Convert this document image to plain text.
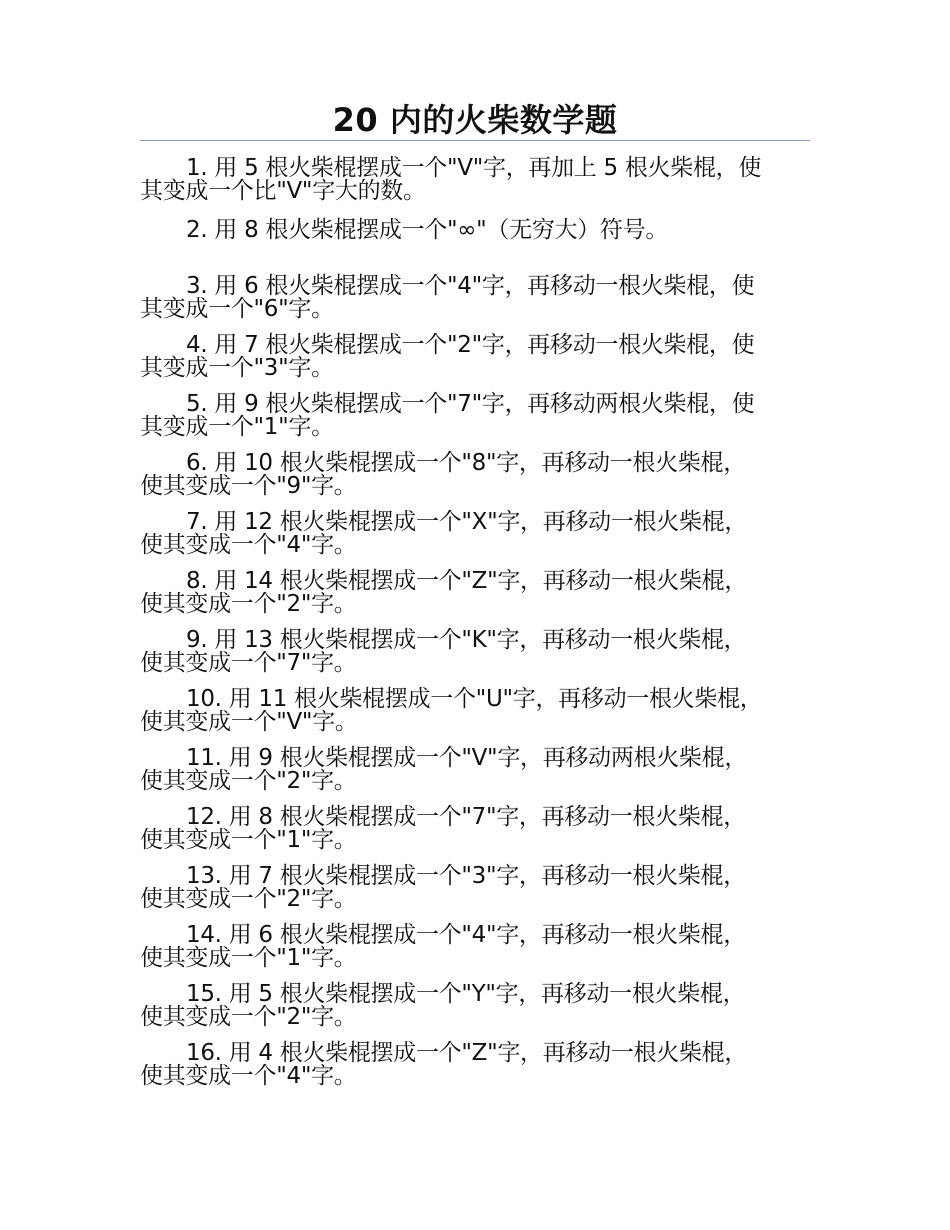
20 内的火柴数学题
1. 用 5 根火柴棍摆成一个"V"字，再加上 5 根火柴棍，使
其变成一个比"V"字大的数。
2. 用 8 根火柴棍摆成一个"∞"（无穷大）符号。
3. 用 6 根火柴棍摆成一个"4"字，再移动一根火柴棍，使
其变成一个"6"字。
4. 用 7 根火柴棍摆成一个"2"字，再移动一根火柴棍，使
其变成一个"3"字。
5. 用 9 根火柴棍摆成一个"7"字，再移动两根火柴棍，使
其变成一个"1"字。
6. 用 10 根火柴棍摆成一个"8"字，再移动一根火柴棍，
使其变成一个"9"字。
7. 用 12 根火柴棍摆成一个"X"字，再移动一根火柴棍，
使其变成一个"4"字。
8. 用 14 根火柴棍摆成一个"Z"字，再移动一根火柴棍，
使其变成一个"2"字。
9. 用 13 根火柴棍摆成一个"K"字，再移动一根火柴棍，
使其变成一个"7"字。
10. 用 11 根火柴棍摆成一个"U"字，再移动一根火柴棍，
使其变成一个"V"字。
11. 用 9 根火柴棍摆成一个"V"字，再移动两根火柴棍，
使其变成一个"2"字。
12. 用 8 根火柴棍摆成一个"7"字，再移动一根火柴棍，
使其变成一个"1"字。
13. 用 7 根火柴棍摆成一个"3"字，再移动一根火柴棍，
使其变成一个"2"字。
14. 用 6 根火柴棍摆成一个"4"字，再移动一根火柴棍，
使其变成一个"1"字。
15. 用 5 根火柴棍摆成一个"Y"字，再移动一根火柴棍，
使其变成一个"2"字。
16. 用 4 根火柴棍摆成一个"Z"字，再移动一根火柴棍，
使其变成一个"4"字。
